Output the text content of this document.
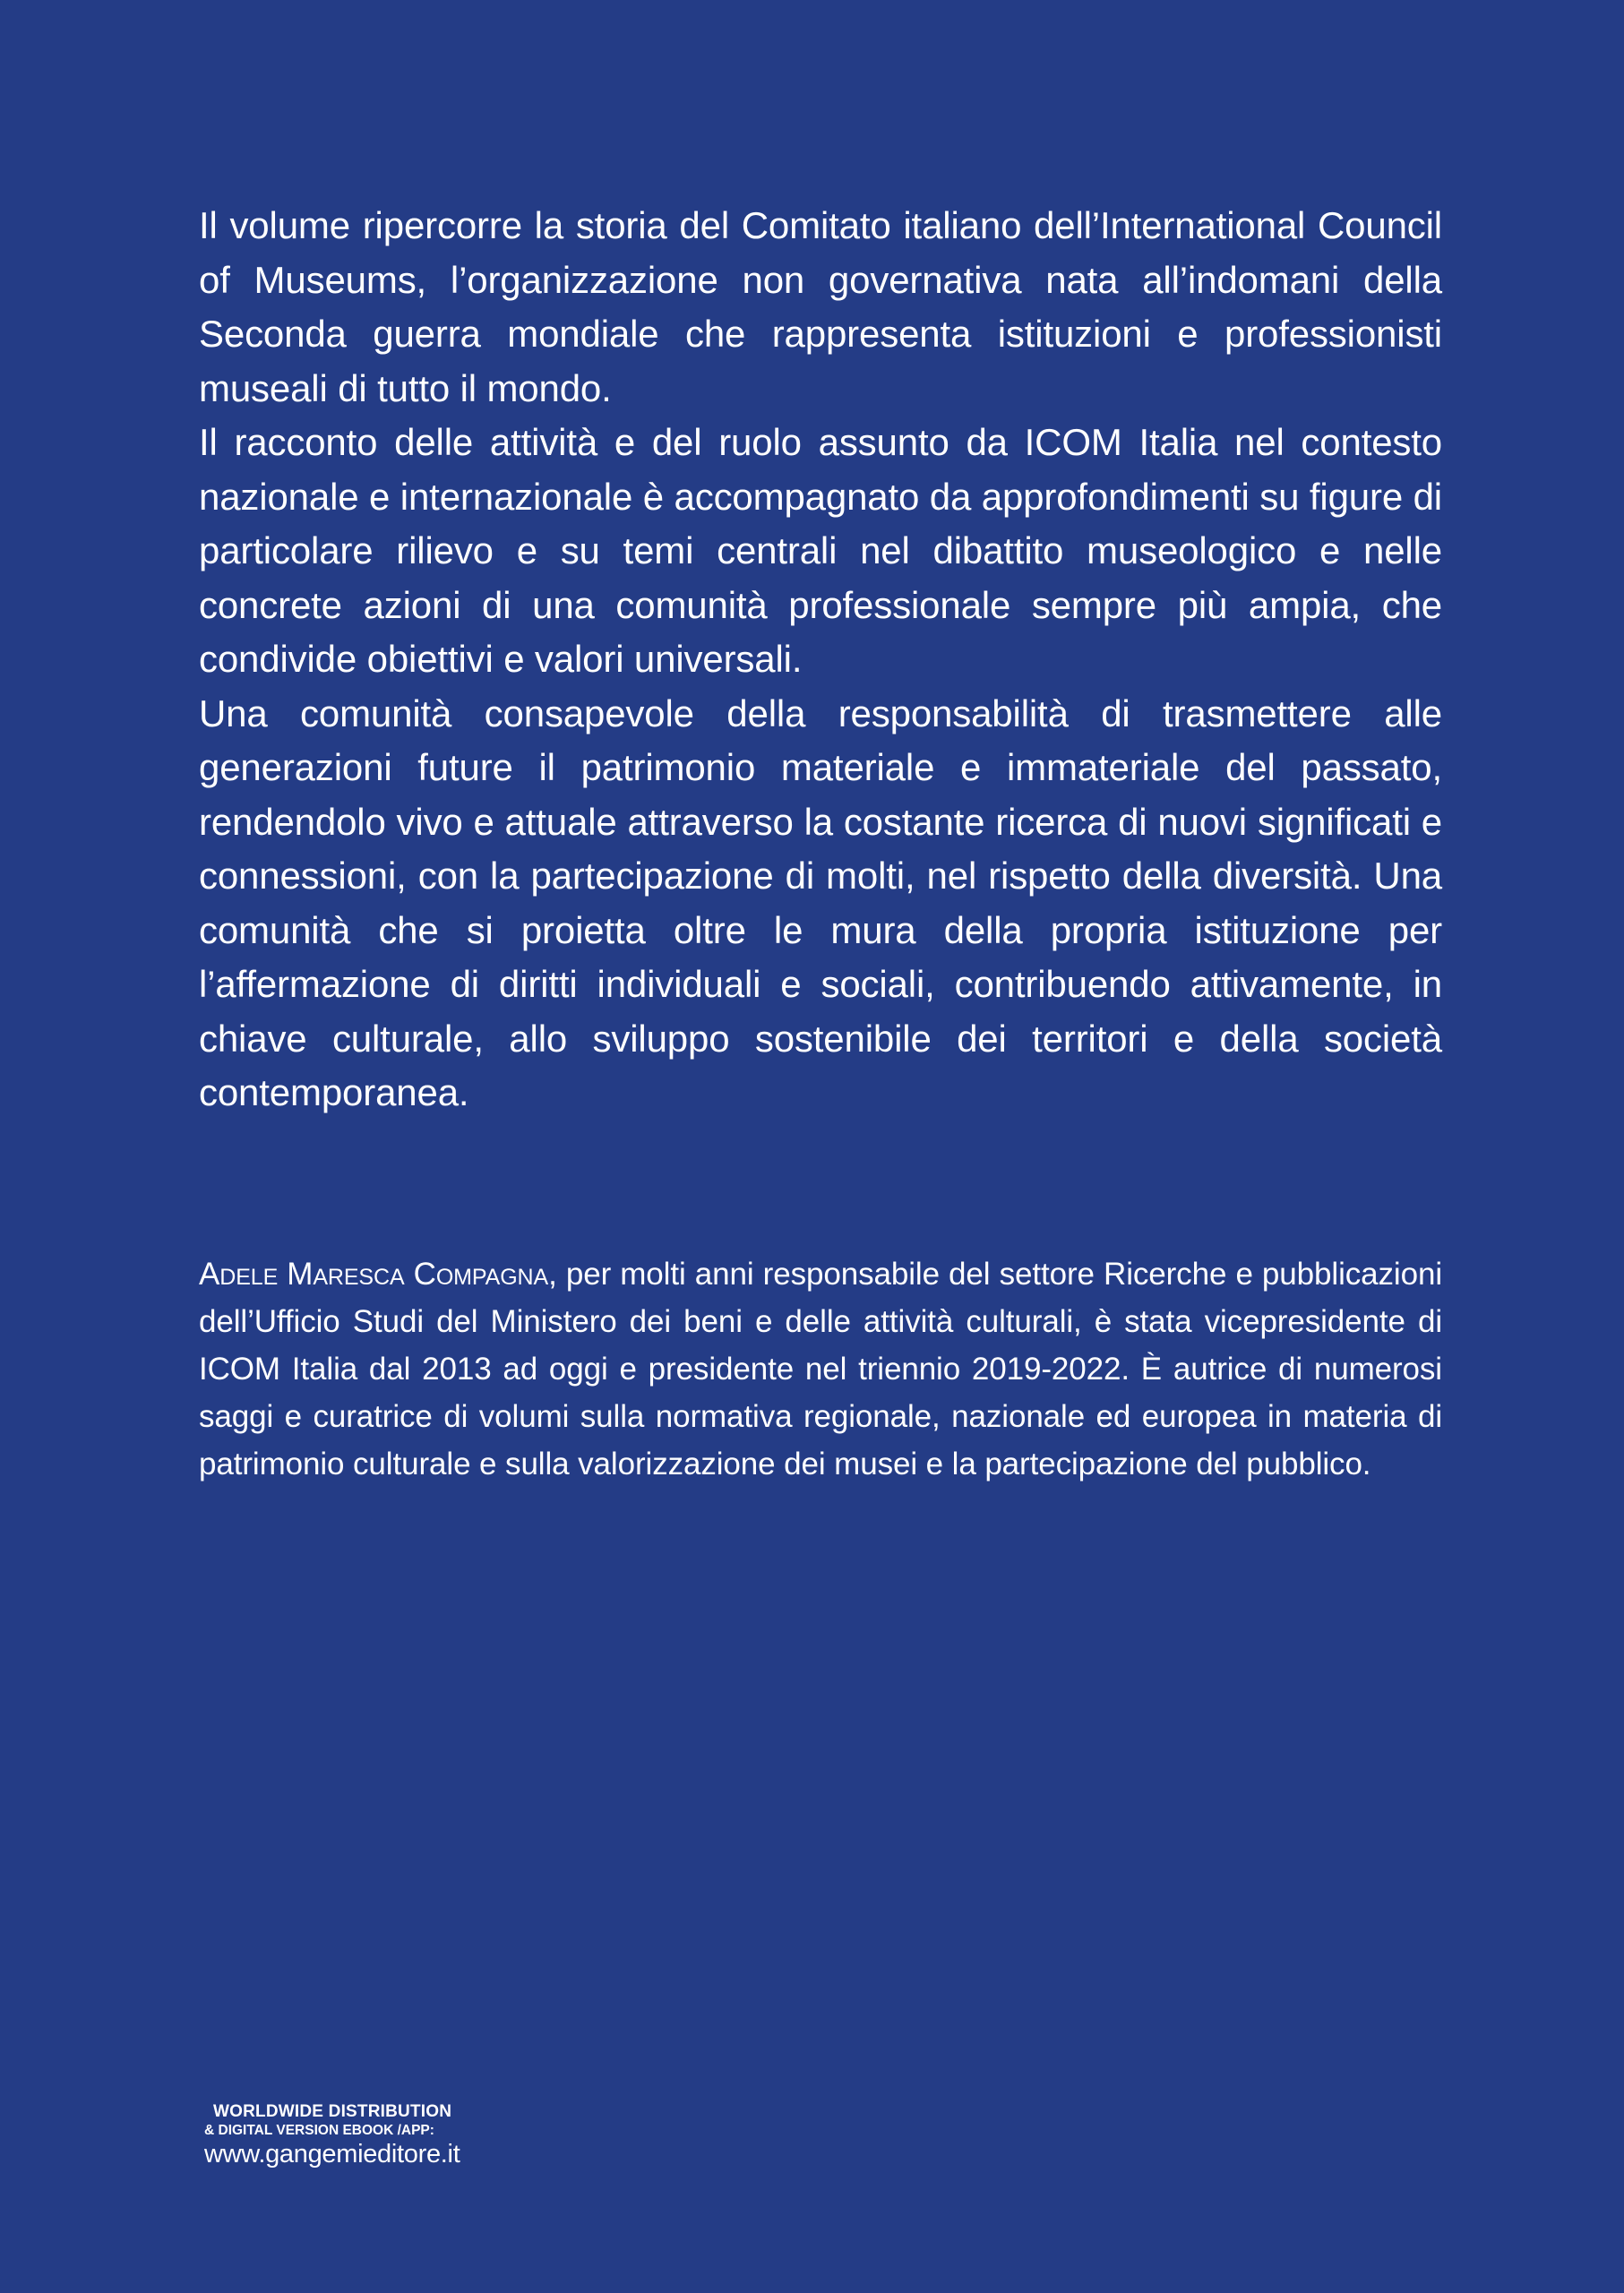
Il volume ripercorre la storia del Comitato italiano dell’International Council of Museums, l’organizzazione non governativa nata all’indomani della Seconda guerra mondiale che rappresenta istituzioni e professionisti museali di tutto il mondo.

Il racconto delle attività e del ruolo assunto da ICOM Italia nel contesto nazionale e internazionale è accompagnato da approfondimenti su figure di particolare rilievo e su temi centrali nel dibattito museologico e nelle concrete azioni di una comunità professionale sempre più ampia, che condivide obiettivi e valori universali.

Una comunità consapevole della responsabilità di trasmettere alle generazioni future il patrimonio materiale e immateriale del passato, rendendolo vivo e attuale attraverso la costante ricerca di nuovi significati e connessioni, con la partecipazione di molti, nel rispetto della diversità. Una comunità che si proietta oltre le mura della propria istituzione per l’affermazione di diritti individuali e sociali, contribuendo attivamente, in chiave culturale, allo sviluppo sostenibile dei territori e della società contemporanea.

Adele Maresca Compagna, per molti anni responsabile del settore Ricerche e pubblicazioni dell’Ufficio Studi del Ministero dei beni e delle attività culturali, è stata vicepresidente di ICOM Italia dal 2013 ad oggi e presidente nel triennio 2019-2022. È autrice di numerosi saggi e curatrice di volumi sulla normativa regionale, nazionale ed europea in materia di patrimonio culturale e sulla valorizzazione dei musei e la partecipazione del pubblico.

WORLDWIDE DISTRIBUTION
& DIGITAL VERSION EBOOK /APP:
www.gangemieditore.it
